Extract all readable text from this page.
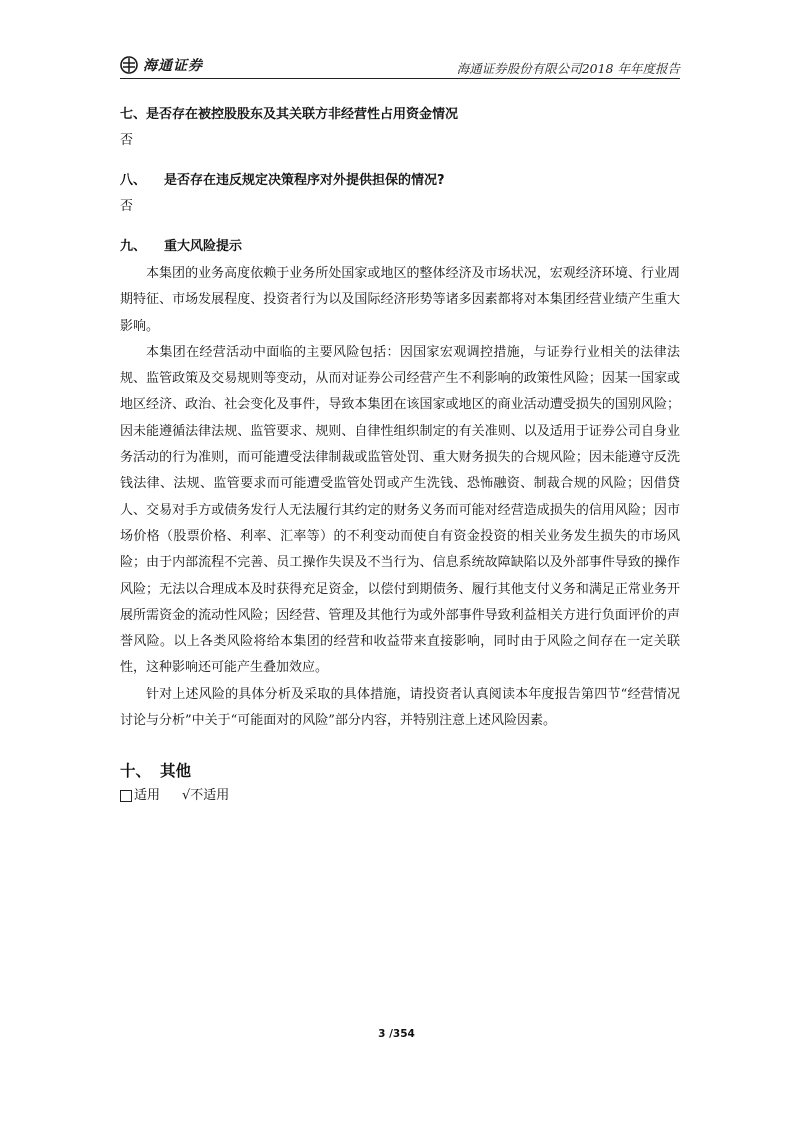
海通证券	海通证券股份有限公司2018 年年度报告

七、是否存在被控股股东及其关联方非经营性占用资金情况

否

八、 是否存在违反规定决策程序对外提供担保的情况?

否

九、 重大风险提示

本集团的业务高度依赖于业务所处国家或地区的整体经济及市场状况，宏观经济环境、行业周期特征、市场发展程度、投资者行为以及国际经济形势等诸多因素都将对本集团经营业绩产生重大影响。

本集团在经营活动中面临的主要风险包括：因国家宏观调控措施，与证券行业相关的法律法规、监管政策及交易规则等变动，从而对证券公司经营产生不利影响的政策性风险；因某一国家或地区经济、政治、社会变化及事件，导致本集团在该国家或地区的商业活动遭受损失的国别风险；因未能遵循法律法规、监管要求、规则、自律性组织制定的有关准则、以及适用于证券公司自身业务活动的行为准则，而可能遭受法律制裁或监管处罚、重大财务损失的合规风险；因未能遵守反洗钱法律、法规、监管要求而可能遭受监管处罚或产生洗钱、恐怖融资、制裁合规的风险；因借贷人、交易对手方或债务发行人无法履行其约定的财务义务而可能对经营造成损失的信用风险；因市场价格（股票价格、利率、汇率等）的不利变动而使自有资金投资的相关业务发生损失的市场风险；由于内部流程不完善、员工操作失误及不当行为、信息系统故障缺陷以及外部事件导致的操作风险；无法以合理成本及时获得充足资金，以偿付到期债务、履行其他支付义务和满足正常业务开展所需资金的流动性风险；因经营、管理及其他行为或外部事件导致利益相关方进行负面评价的声誉风险。以上各类风险将给本集团的经营和收益带来直接影响，同时由于风险之间存在一定关联性，这种影响还可能产生叠加效应。

针对上述风险的具体分析及采取的具体措施，请投资者认真阅读本年度报告第四节“经营情况讨论与分析”中关于“可能面对的风险”部分内容，并特别注意上述风险因素。

十、 其他

适用 √不适用
3 /354
